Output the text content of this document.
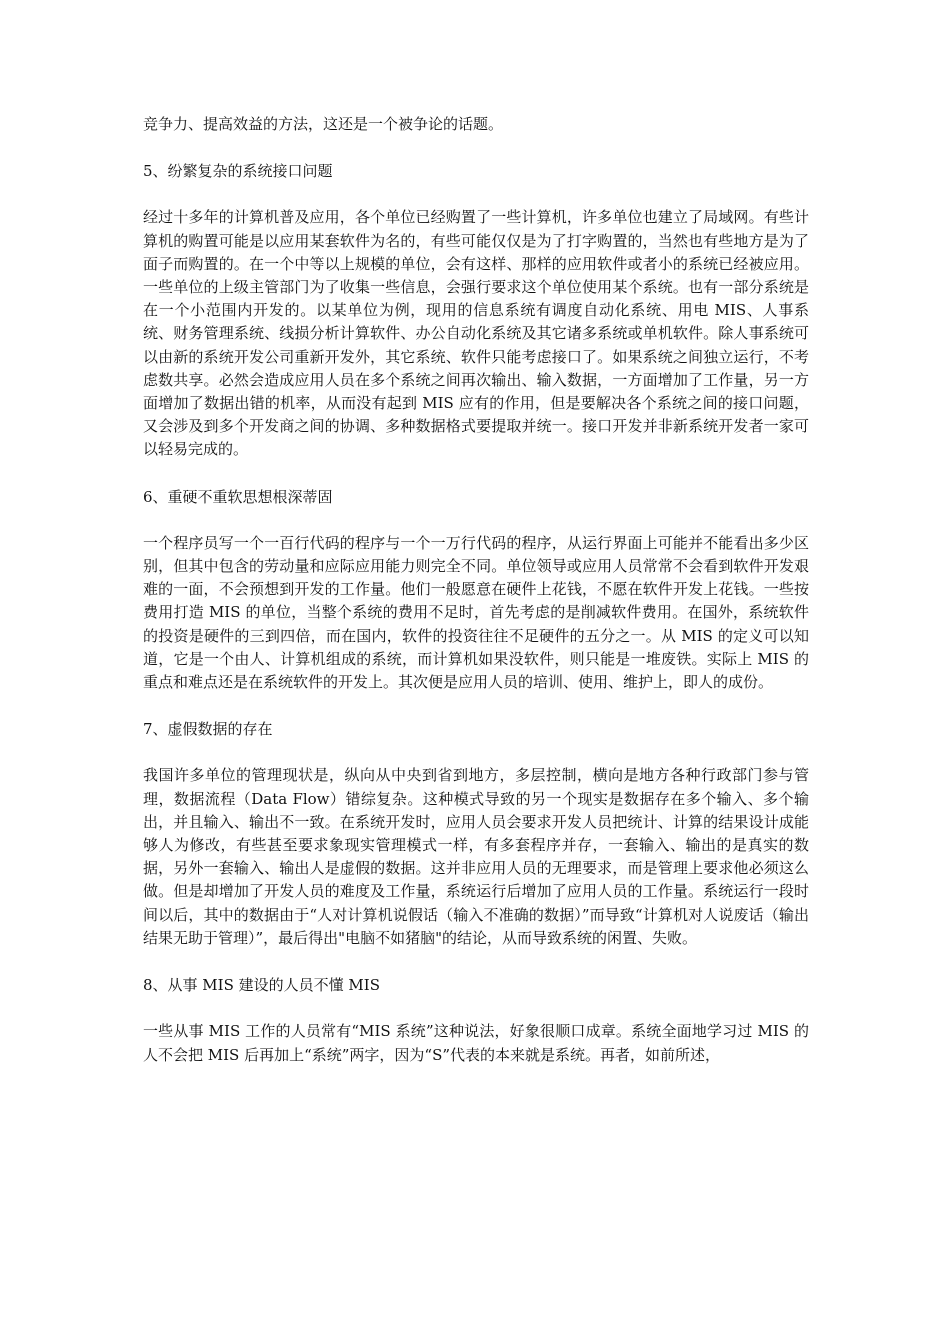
竞争力、提高效益的方法，这还是一个被争论的话题。

5、纷繁复杂的系统接口问题

经过十多年的计算机普及应用，各个单位已经购置了一些计算机，许多单位也建立了局域网。有些计算机的购置可能是以应用某套软件为名的，有些可能仅仅是为了打字购置的，当然也有些地方是为了面子而购置的。在一个中等以上规模的单位，会有这样、那样的应用软件或者小的系统已经被应用。一些单位的上级主管部门为了收集一些信息，会强行要求这个单位使用某个系统。也有一部分系统是在一个小范围内开发的。以某单位为例，现用的信息系统有调度自动化系统、用电 MIS、人事系统、财务管理系统、线损分析计算软件、办公自动化系统及其它诸多系统或单机软件。除人事系统可以由新的系统开发公司重新开发外，其它系统、软件只能考虑接口了。如果系统之间独立运行，不考虑数共享。必然会造成应用人员在多个系统之间再次输出、输入数据，一方面增加了工作量，另一方面增加了数据出错的机率，从而没有起到 MIS 应有的作用，但是要解决各个系统之间的接口问题，又会涉及到多个开发商之间的协调、多种数据格式要提取并统一。接口开发并非新系统开发者一家可以轻易完成的。

6、重硬不重软思想根深蒂固

一个程序员写一个一百行代码的程序与一个一万行代码的程序，从运行界面上可能并不能看出多少区别，但其中包含的劳动量和应际应用能力则完全不同。单位领导或应用人员常常不会看到软件开发艰难的一面，不会预想到开发的工作量。他们一般愿意在硬件上花钱，不愿在软件开发上花钱。一些按费用打造 MIS 的单位，当整个系统的费用不足时，首先考虑的是削减软件费用。在国外，系统软件的投资是硬件的三到四倍，而在国内，软件的投资往往不足硬件的五分之一。从 MIS 的定义可以知道，它是一个由人、计算机组成的系统，而计算机如果没软件，则只能是一堆废铁。实际上 MIS 的重点和难点还是在系统软件的开发上。其次便是应用人员的培训、使用、维护上，即人的成份。

7、虚假数据的存在

我国许多单位的管理现状是，纵向从中央到省到地方，多层控制，横向是地方各种行政部门参与管理，数据流程（Data Flow）错综复杂。这种模式导致的另一个现实是数据存在多个输入、多个输出，并且输入、输出不一致。在系统开发时，应用人员会要求开发人员把统计、计算的结果设计成能够人为修改，有些甚至要求象现实管理模式一样，有多套程序并存，一套输入、输出的是真实的数据，另外一套输入、输出人是虚假的数据。这并非应用人员的无理要求，而是管理上要求他必须这么做。但是却增加了开发人员的难度及工作量，系统运行后增加了应用人员的工作量。系统运行一段时间以后，其中的数据由于“人对计算机说假话（输入不准确的数据）”而导致“计算机对人说废话（输出结果无助于管理）”，最后得出"电脑不如猪脑"的结论，从而导致系统的闲置、失败。

8、从事 MIS 建设的人员不懂 MIS

一些从事 MIS 工作的人员常有“MIS 系统”这种说法，好象很顺口成章。系统全面地学习过 MIS 的人不会把 MIS 后再加上“系统”两字，因为“S”代表的本来就是系统。再者，如前所述，
